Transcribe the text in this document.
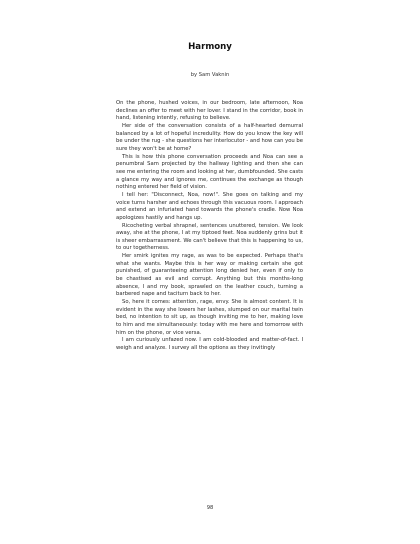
Harmony
by Sam Vaknin

On the phone, hushed voices, in our bedroom, late afternoon, Noa declines an offer to meet with her lover. I stand in the corridor, book in hand, listening intently, refusing to believe.

Her side of the conversation consists of a half-hearted demurral balanced by a lot of hopeful incredulity. How do you know the key will be under the rug - she questions her interlocutor - and how can you be sure they won't be at home?

This is how this phone conversation proceeds and Noa can see a penumbral Sam projected by the hallway lighting and then she can see me entering the room and looking at her, dumbfounded. She casts a glance my way and ignores me, continues the exchange as though nothing entered her field of vision.

I tell her: "Disconnect, Noa, now!". She goes on talking and my voice turns harsher and echoes through this vacuous room. I approach and extend an infuriated hand towards the phone's cradle. Now Noa apologizes hastily and hangs up.

Ricocheting verbal shrapnel, sentences unuttered, tension. We look away, she at the phone, I at my tiptoed feet. Noa suddenly grins but it is sheer embarrassment. We can't believe that this is happening to us, to our togetherness.

Her smirk ignites my rage, as was to be expected. Perhaps that's what she wants. Maybe this is her way or making certain she got punished, of guaranteeing attention long denied her, even if only to be chastised as evil and corrupt. Anything but this months-long absence, I and my book, sprawled on the leather couch, turning a barbered nape and taciturn back to her.

So, here it comes: attention, rage, envy. She is almost content. It is evident in the way she lowers her lashes, slumped on our marital twin bed, no intention to sit up, as though inviting me to her, making love to him and me simultaneously: today with me here and tomorrow with him on the phone, or vice versa.

I am curiously unfazed now. I am cold-blooded and matter-of-fact. I weigh and analyze. I survey all the options as they invitingly

98
